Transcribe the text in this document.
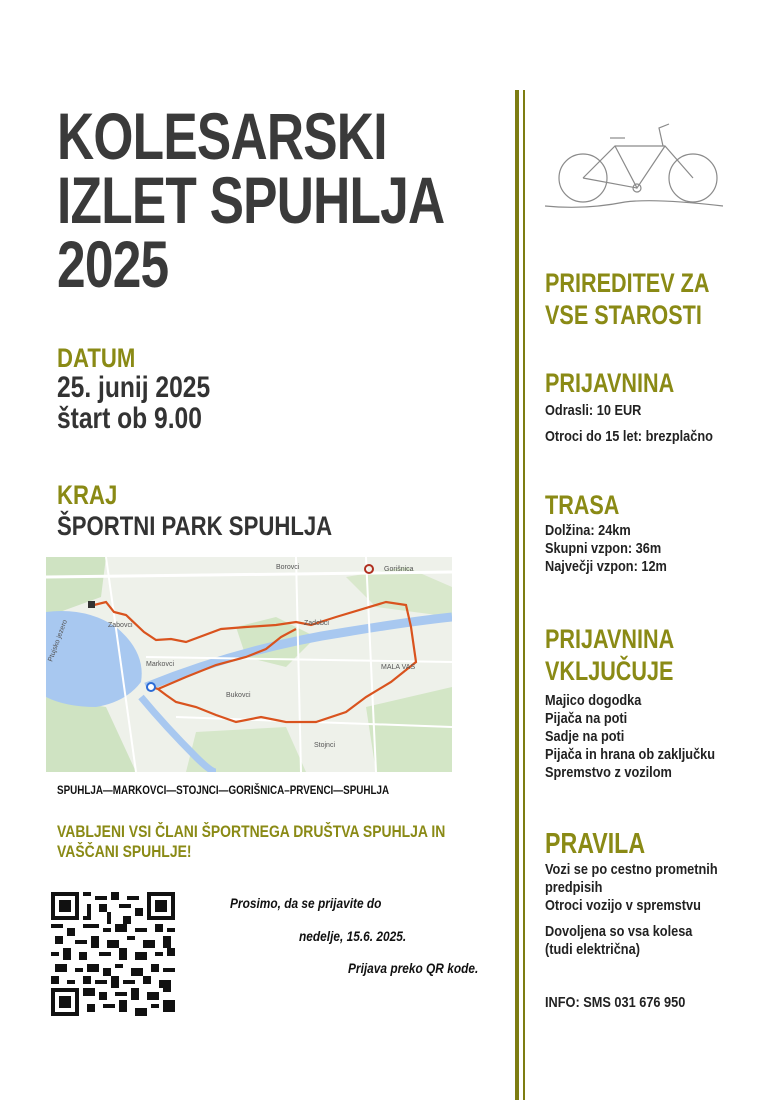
KOLESARSKI
IZLET SPUHLJA
2025
DATUM
25. junij 2025
štart ob 9.00
KRAJ
ŠPORTNI PARK SPUHLJA
Borovci	Gorišnica
Zabovci	Zadobci
Ptujsko jezero
Markovci	MALA VAS
Bukovci
Stojnci
SPUHLJA—MARKOVCI—STOJNCI—GORIŠNICA–PRVENCI—SPUHLJA
VABLJENI VSI ČLANI ŠPORTNEGA DRUŠTVA SPUHLJA IN
VAŠČANI SPUHLJE!
Prosimo, da se prijavite do
nedelje, 15.6. 2025.
Prijava preko QR kode.
PRIREDITEV ZA
VSE STAROSTI
PRIJAVNINA
Odrasli: 10 EUR
Otroci do 15 let: brezplačno
TRASA
Dolžina: 24km
Skupni vzpon: 36m
Največji vzpon: 12m
PRIJAVNINA
VKLJUČUJE
Majico dogodka
Pijača na poti
Sadje na poti
Pijača in hrana ob zaključku
Spremstvo z vozilom
PRAVILA
Vozi se po cestno prometnih
predpisih
Otroci vozijo v spremstvu
Dovoljena so vsa kolesa
(tudi električna)
INFO: SMS 031 676 950
